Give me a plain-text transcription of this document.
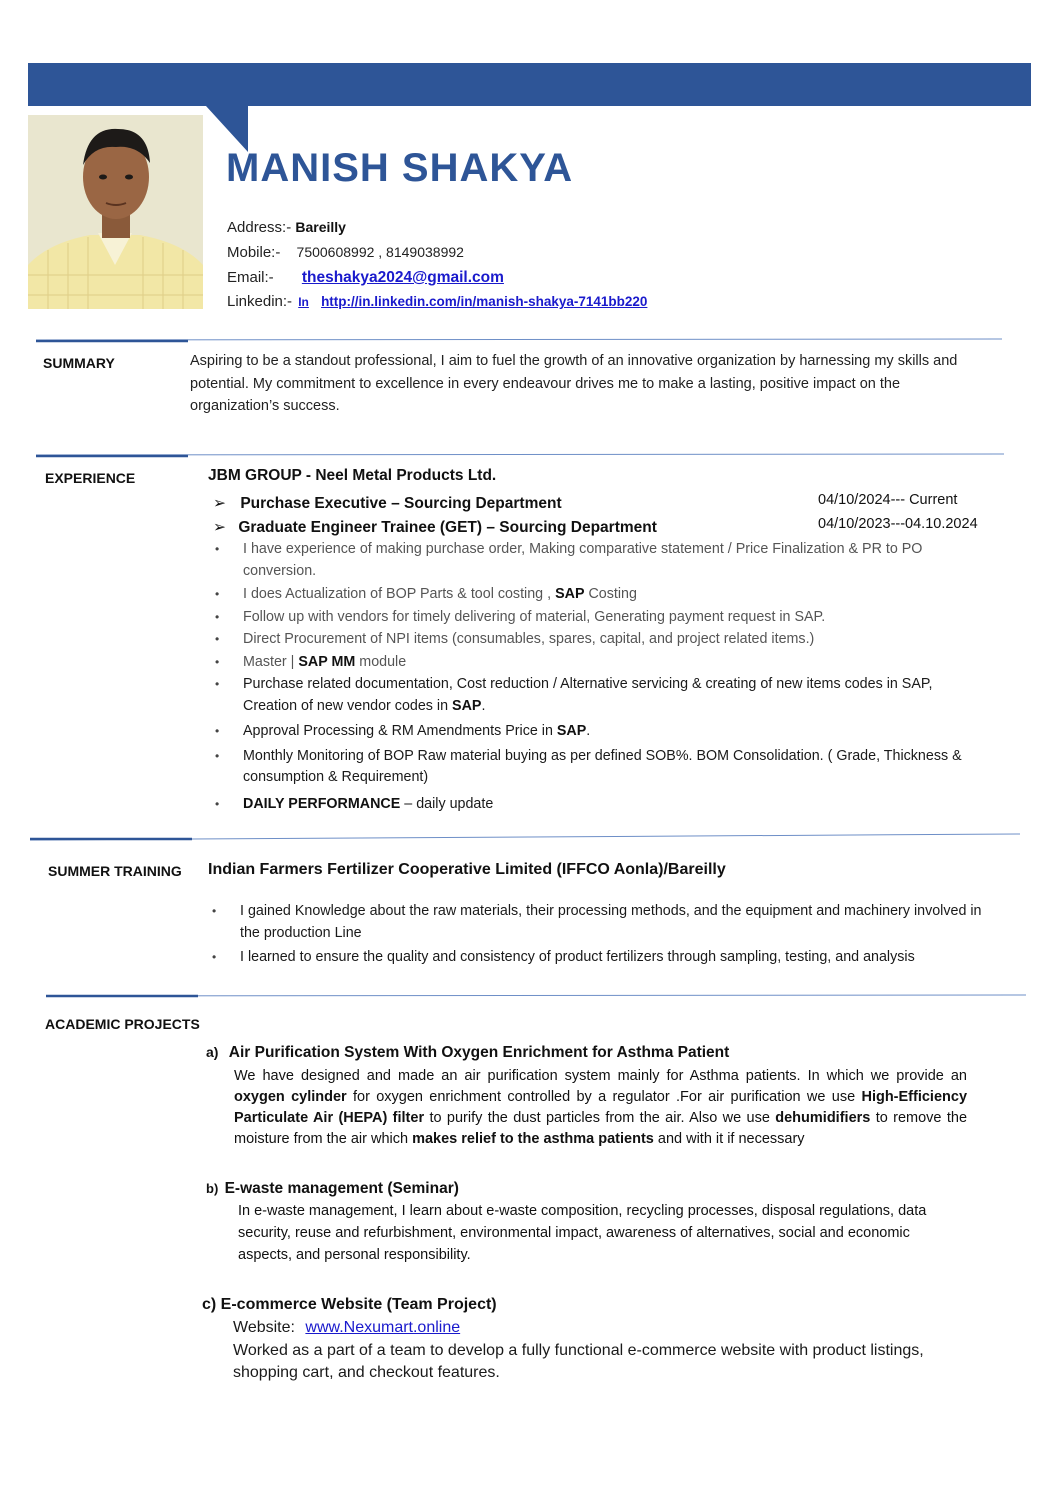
MANISH SHAKYA
Address:- Bareilly
Mobile:- 7500608992 , 8149038992
Email:- theshakya2024@gmail.com
Linkedin:- In http://in.linkedin.com/in/manish-shakya-7141bb220
SUMMARY	Aspiring to be a standout professional, I aim to fuel the growth of an innovative organization by harnessing my skills and potential. My commitment to excellence in every endeavour drives me to make a lasting, positive impact on the organization’s success.
EXPERIENCE	JBM GROUP - Neel Metal Products Ltd.
➢ Purchase Executive – Sourcing Department	04/10/2024--- Current
➢ Graduate Engineer Trainee (GET) – Sourcing Department	04/10/2023---04.10.2024
• I have experience of making purchase order, Making comparative statement / Price Finalization & PR to PO conversion.
• I does Actualization of BOP Parts & tool costing , SAP Costing
• Follow up with vendors for timely delivering of material, Generating payment request in SAP.
• Direct Procurement of NPI items (consumables, spares, capital, and project related items.)
• Master | SAP MM module
• Purchase related documentation, Cost reduction / Alternative servicing & creating of new items codes in SAP, Creation of new vendor codes in SAP.
• Approval Processing & RM Amendments Price in SAP.
• Monthly Monitoring of BOP Raw material buying as per defined SOB%. BOM Consolidation. ( Grade, Thickness & consumption & Requirement)
• DAILY PERFORMANCE – daily update
SUMMER TRAINING Indian Farmers Fertilizer Cooperative Limited (IFFCO Aonla)/Bareilly
• I gained Knowledge about the raw materials, their processing methods, and the equipment and machinery involved in the production Line
• I learned to ensure the quality and consistency of product fertilizers through sampling, testing, and analysis
ACADEMIC PROJECTS
a) Air Purification System With Oxygen Enrichment for Asthma Patient
We have designed and made an air purification system mainly for Asthma patients. In which we provide an oxygen cylinder for oxygen enrichment controlled by a regulator .For air purification we use High-Efficiency Particulate Air (HEPA) filter to purify the dust particles from the air. Also we use dehumidifiers to remove the moisture from the air which makes relief to the asthma patients and with it if necessary
b) E-waste management (Seminar)
In e-waste management, I learn about e-waste composition, recycling processes, disposal regulations, data security, reuse and refurbishment, environmental impact, awareness of alternatives, social and economic aspects, and personal responsibility.
c) E-commerce Website (Team Project)
Website: www.Nexumart.online
Worked as a part of a team to develop a fully functional e-commerce website with product listings, shopping cart, and checkout features.
